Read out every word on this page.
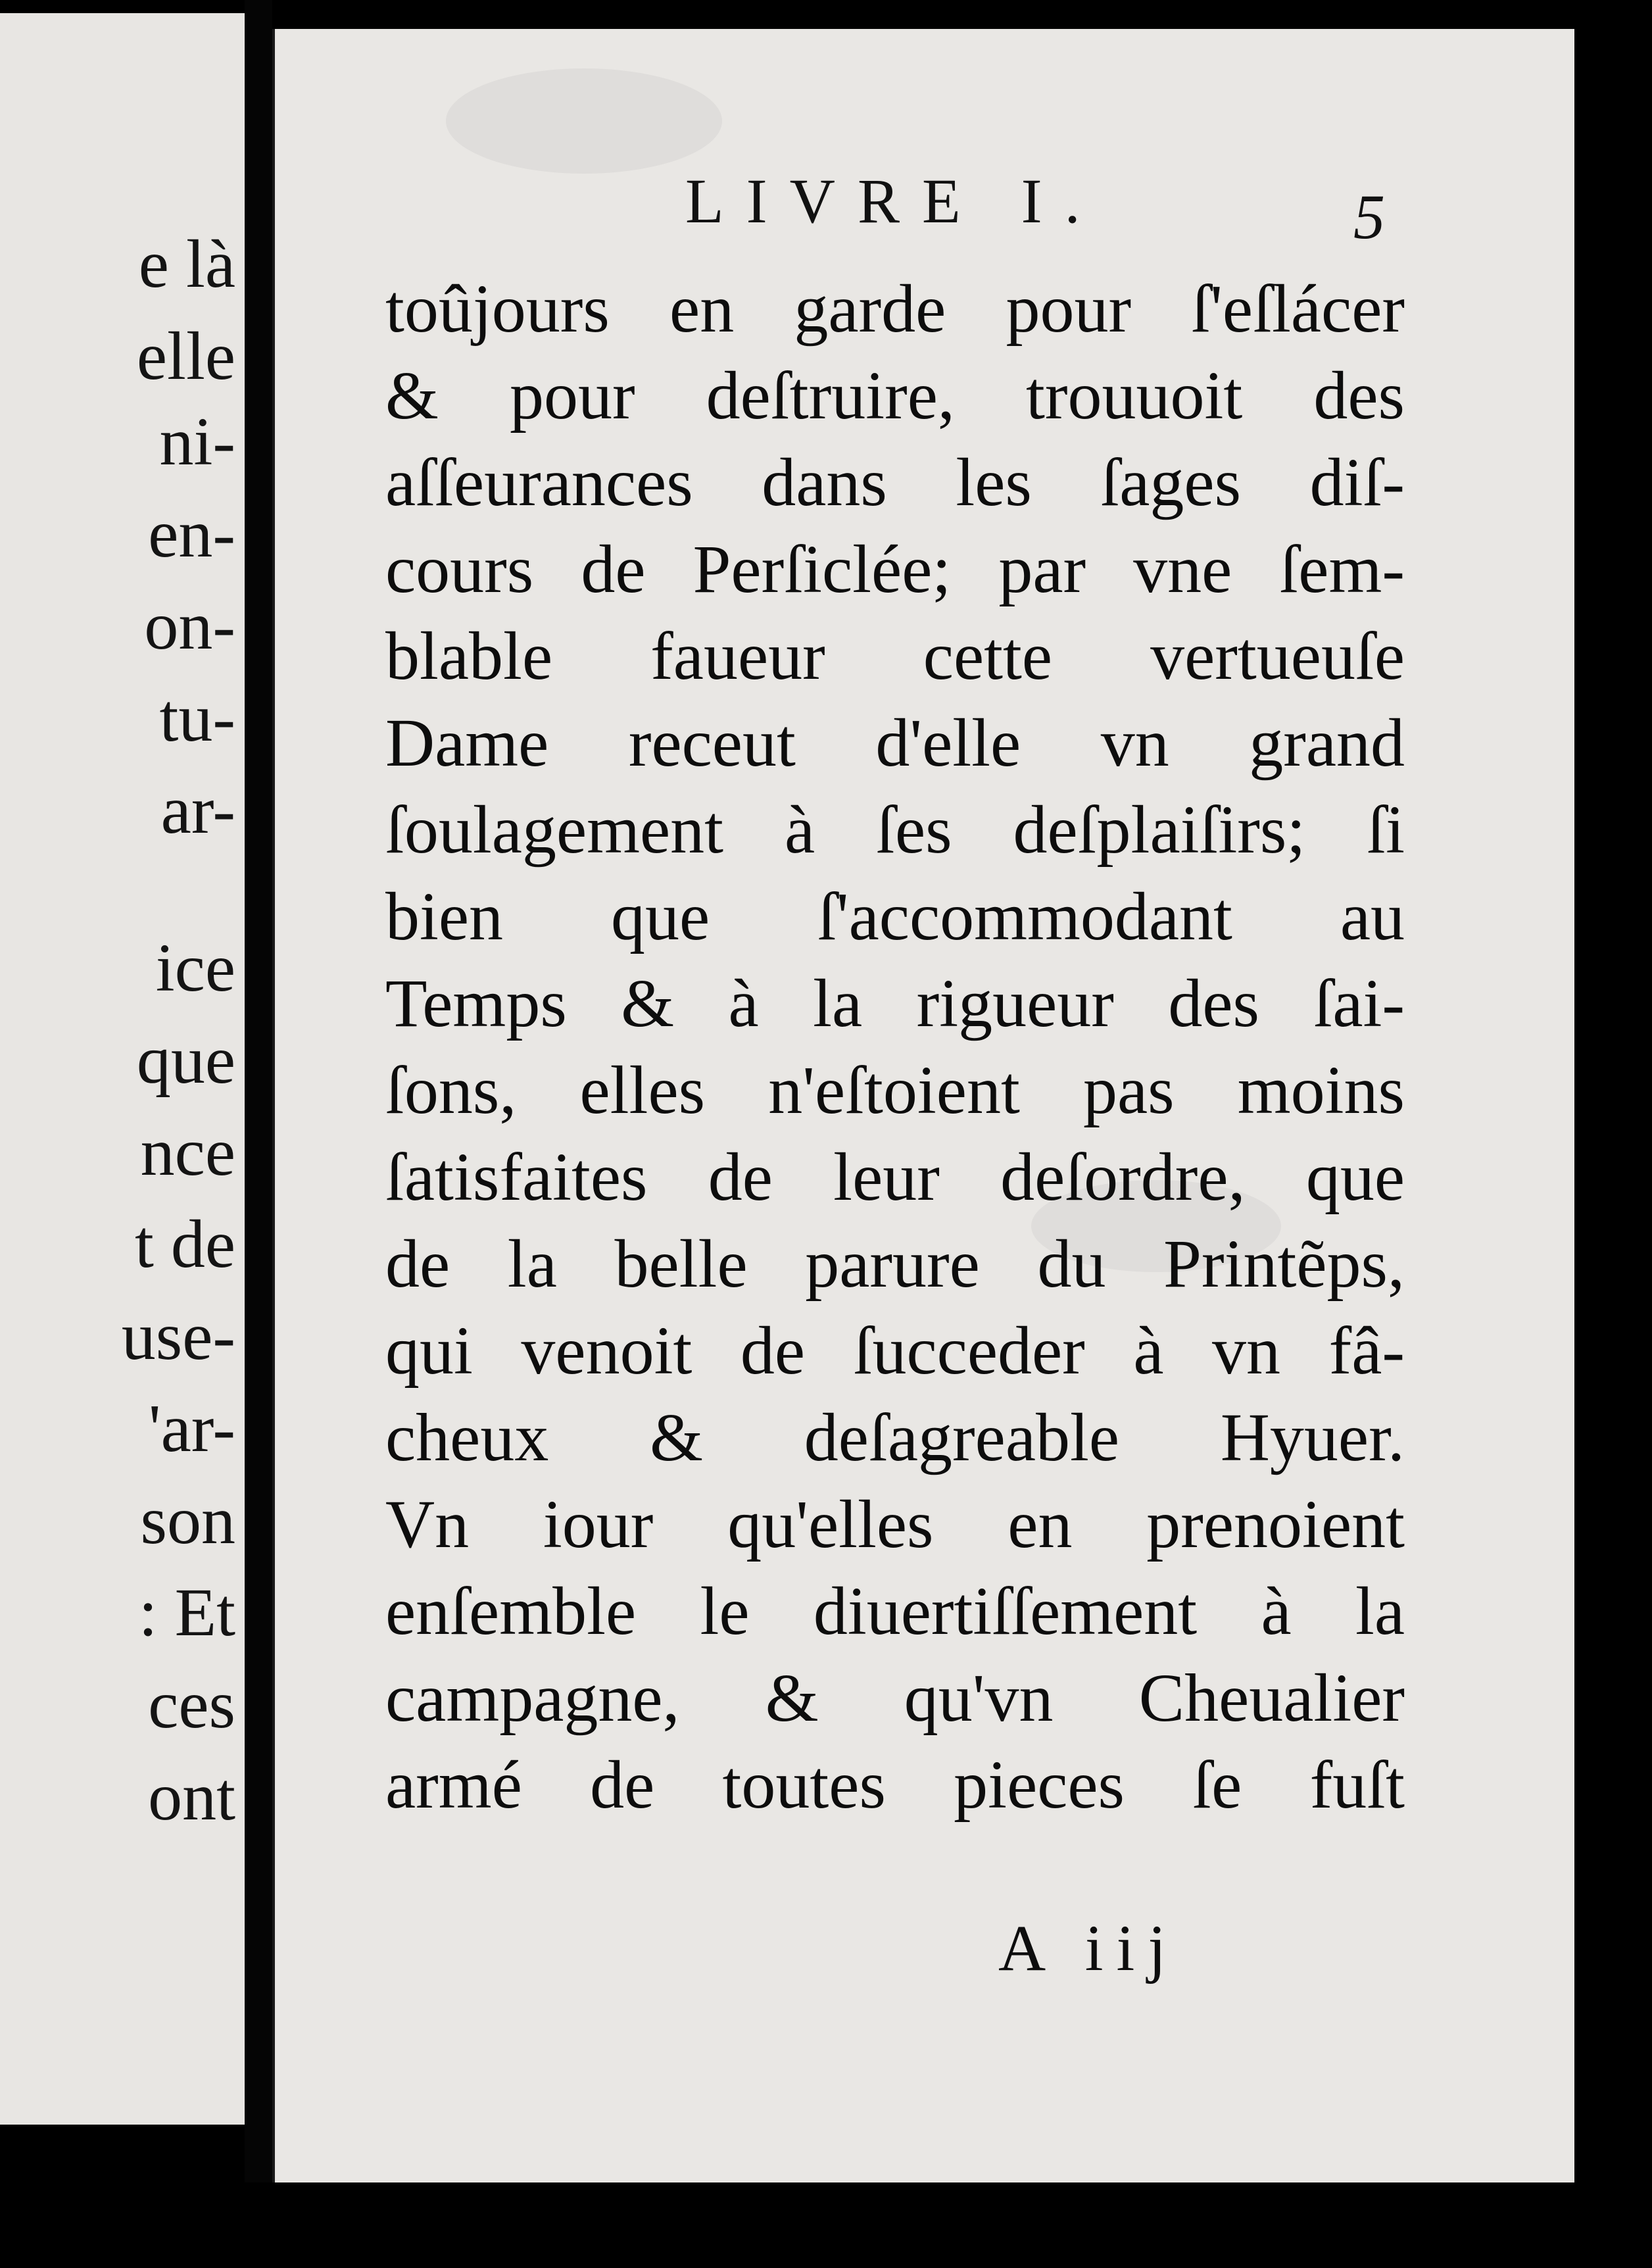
e là
elle
ni-
en-
on-
tu-
ar-
ice
que
nce
t de
use-
'ar-
son
: Et
ces
ont
LIVRE I.	5
toûjours en garde pour ſ'eſlácer
& pour deſtruire, trouuoit des
aſſeurances dans les ſages diſ-
cours de Perſiclée; par vne ſem-
blable faueur cette vertueuſe
Dame receut d'elle vn grand
ſoulagement à ſes deſplaiſirs; ſi
bien que ſ'accommodant au
Temps & à la rigueur des ſai-
ſons, elles n'eſtoient pas moins
ſatisfaites de leur deſordre, que
de la belle parure du Printẽps,
qui venoit de ſucceder à vn fâ-
cheux & deſagreable Hyuer.
Vn iour qu'elles en prenoient
enſemble le diuertiſſement à la
campagne, & qu'vn Cheualier
armé de toutes pieces ſe fuſt
A iij
